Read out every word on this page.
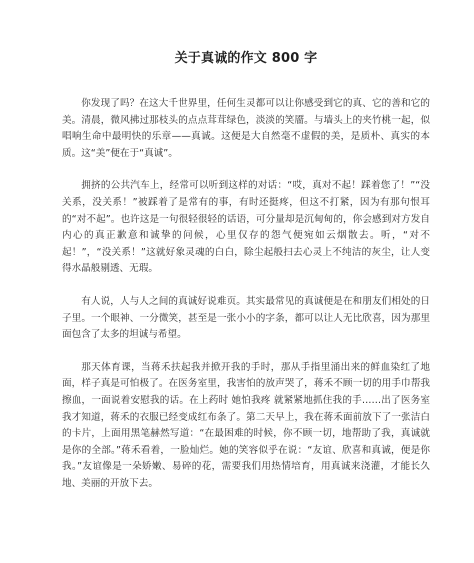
关于真诚的作文 800 字

你发现了吗？在这大千世界里，任何生灵都可以让你感受到它的真、它的善和它的美。清晨，微风拂过那枝头的点点茸茸绿色，淡淡的笑靥。与墙头上的夹竹桃一起，似唱响生命中最明快的乐章——真诚。这便是大自然毫不虚假的美，是质朴、真实的本质。这“美”便在于“真诚”。

拥挤的公共汽车上，经常可以听到这样的对话：“哎，真对不起！踩着您了！”“没关系，没关系！”被踩着了是常有的事，有时还挺疼，但这不打紧，因为有那句恨耳的“对不起”。也许这是一句很轻很轻的话语，可分量却是沉甸甸的，你会感到对方发自内心的真正歉意和诚挚的问候，心里仅存的怨气便宛如云烟散去。听，“对不起！”，“没关系！”这就好象灵魂的白白，除尘起般扫去心灵上不纯洁的灰尘，让人变得水晶般剔透、无瑕。

有人说，人与人之间的真诚好说难页。其实最常见的真诚便是在和朋友们相处的日子里。一个眼神、一分微笑，甚至是一张小小的字条，都可以让人无比欣喜，因为那里面包含了太多的坦诚与希望。

那天体育课，当蒋禾扶起我并掀开我的手时，那从手指里涌出来的鲜血染红了地面，样子真是可怕极了。在医务室里，我害怕的放声哭了，蒋禾不顾一切的用手巾帮我擦血，一面说着安慰我的话。在上药时 她怕我疼 就紧紧地抓住我的手……出了医务室我才知道，蒋禾的衣服已经变成红布条了。第二天早上，我在蒋禾面前放下了一张洁白的卡片，上面用黑笔赫然写道：“在最困难的时候，你不顾一切，地帮助了我，真诚就是你的全部。”蒋禾看着，一脸灿烂。她的笑容似乎在说：“友谊、欣喜和真诚，便是你我。”友谊像是一朵娇嫩、易碎的花，需要我们用热情培育，用真诚来浇灌，才能长久地、美丽的开放下去。
